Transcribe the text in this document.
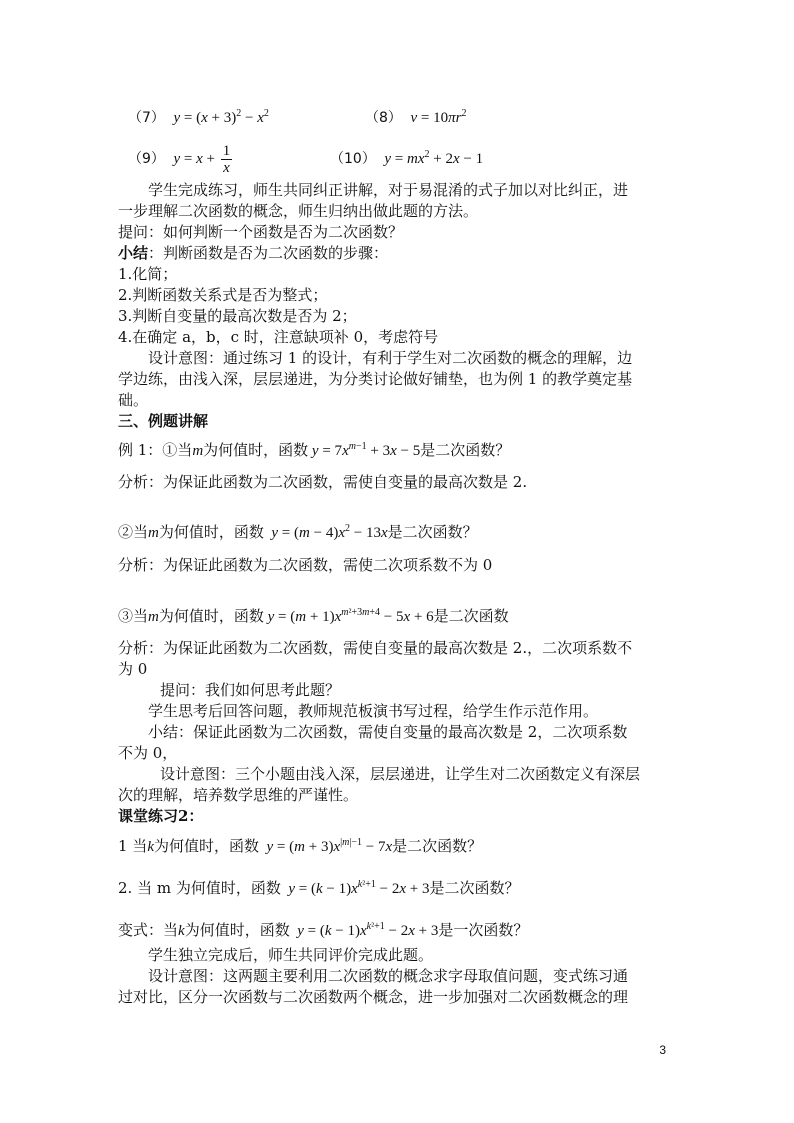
（7）  $y = (x + 3)^2 - x^2$	（8）  $v = 10\pi r^2$
（9）  $y = x + \frac{1}{x}$	（10）  $y = mx^2 + 2x - 1$
学生完成练习，师生共同纠正讲解，对于易混淆的式子加以对比纠正，进
一步理解二次函数的概念，师生归纳出做此题的方法。
提问：如何判断一个函数是否为二次函数？
小结：判断函数是否为二次函数的步骤：
1.化简；
2.判断函数关系式是否为整式；
3.判断自变量的最高次数是否为 2；
4.在确定 a，b，c 时，注意缺项补 0，考虑符号
设计意图：通过练习 1 的设计，有利于学生对二次函数的概念的理解，边
学边练，由浅入深，层层递进，为分类讨论做好铺垫，也为例 1 的教学奠定基
础。
三、例题讲解
例 1：①当m为何值时，函数 $y = 7x^{m-1} + 3x - 5$是二次函数？
分析：为保证此函数为二次函数，需使自变量的最高次数是 2.
②当m为何值时，函数  $y = (m - 4)x^2 - 13x$是二次函数？
分析：为保证此函数为二次函数，需使二次项系数不为 0
③当m为何值时，函数 $y = (m + 1)x^{m^2+3m+4} - 5x + 6$是二次函数
分析：为保证此函数为二次函数，需使自变量的最高次数是 2.，二次项系数不
为 0
提问：我们如何思考此题？
学生思考后回答问题，教师规范板演书写过程，给学生作示范作用。
小结：保证此函数为二次函数，需使自变量的最高次数是 2，二次项系数
不为 0，
设计意图：三个小题由浅入深，层层递进，让学生对二次函数定义有深层
次的理解，培养数学思维的严谨性。
课堂练习2：
1 当k为何值时，函数  $y = (m + 3)x^{|m|-1} - 7x$是二次函数？
2. 当 m 为何值时，函数  $y = (k - 1)x^{k^2+1} - 2x + 3$是二次函数？
变式：当k为何值时，函数  $y = (k - 1)x^{k^2+1} - 2x + 3$是一次函数？
学生独立完成后，师生共同评价完成此题。
设计意图：这两题主要利用二次函数的概念求字母取值问题，变式练习通
过对比，区分一次函数与二次函数两个概念，进一步加强对二次函数概念的理
3
